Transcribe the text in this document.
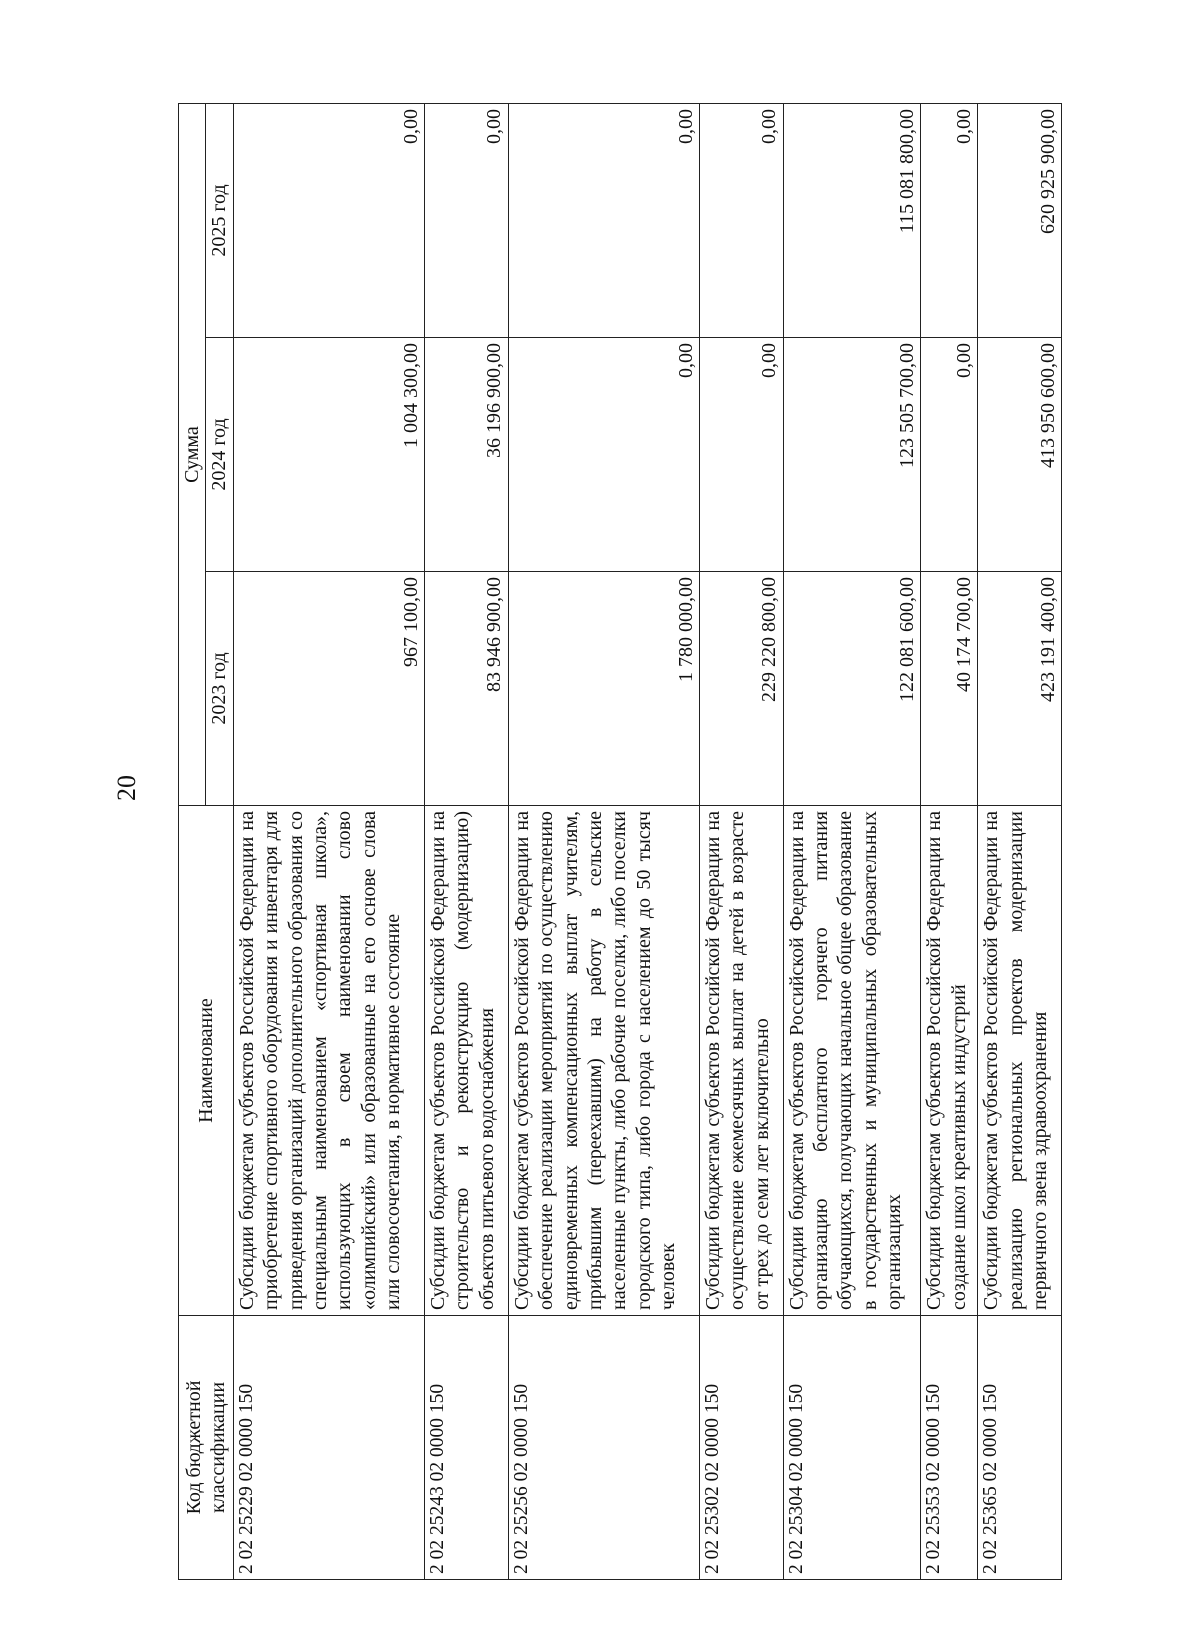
20
Код бюджетной классификации	Наименование	Сумма		
		2023 год	2024 год	2025 год
2 02 25229 02 0000 150	Субсидии бюджетам субъектов Российской Федерации на приобретение спортивного оборудования и инвентаря для приведения организаций дополнительного образования со специальным наименованием «спортивная школа», использующих в своем наименовании слово «олимпийский» или образованные на его основе слова или словосочетания, в нормативное состояние	967 100,00	1 004 300,00	0,00
2 02 25243 02 0000 150	Субсидии бюджетам субъектов Российской Федерации на строительство и реконструкцию (модернизацию) объектов питьевого водоснабжения	83 946 900,00	36 196 900,00	0,00
2 02 25256 02 0000 150	Субсидии бюджетам субъектов Российской Федерации на обеспечение реализации мероприятий по осуществлению единовременных компенсационных выплат учителям, прибывшим (переехавшим) на работу в сельские населенные пункты, либо рабочие поселки, либо поселки городского типа, либо города с населением до 50 тысяч человек	1 780 000,00	0,00	0,00
2 02 25302 02 0000 150	Субсидии бюджетам субъектов Российской Федерации на осуществление ежемесячных выплат на детей в возрасте от трех до семи лет включительно	229 220 800,00	0,00	0,00
2 02 25304 02 0000 150	Субсидии бюджетам субъектов Российской Федерации на организацию бесплатного горячего питания обучающихся, получающих начальное общее образование в государственных и муниципальных образовательных организациях	122 081 600,00	123 505 700,00	115 081 800,00
2 02 25353 02 0000 150	Субсидии бюджетам субъектов Российской Федерации на создание школ креативных индустрий	40 174 700,00	0,00	0,00
2 02 25365 02 0000 150	Субсидии бюджетам субъектов Российской Федерации на реализацию региональных проектов модернизации первичного звена здравоохранения	423 191 400,00	413 950 600,00	620 925 900,00
